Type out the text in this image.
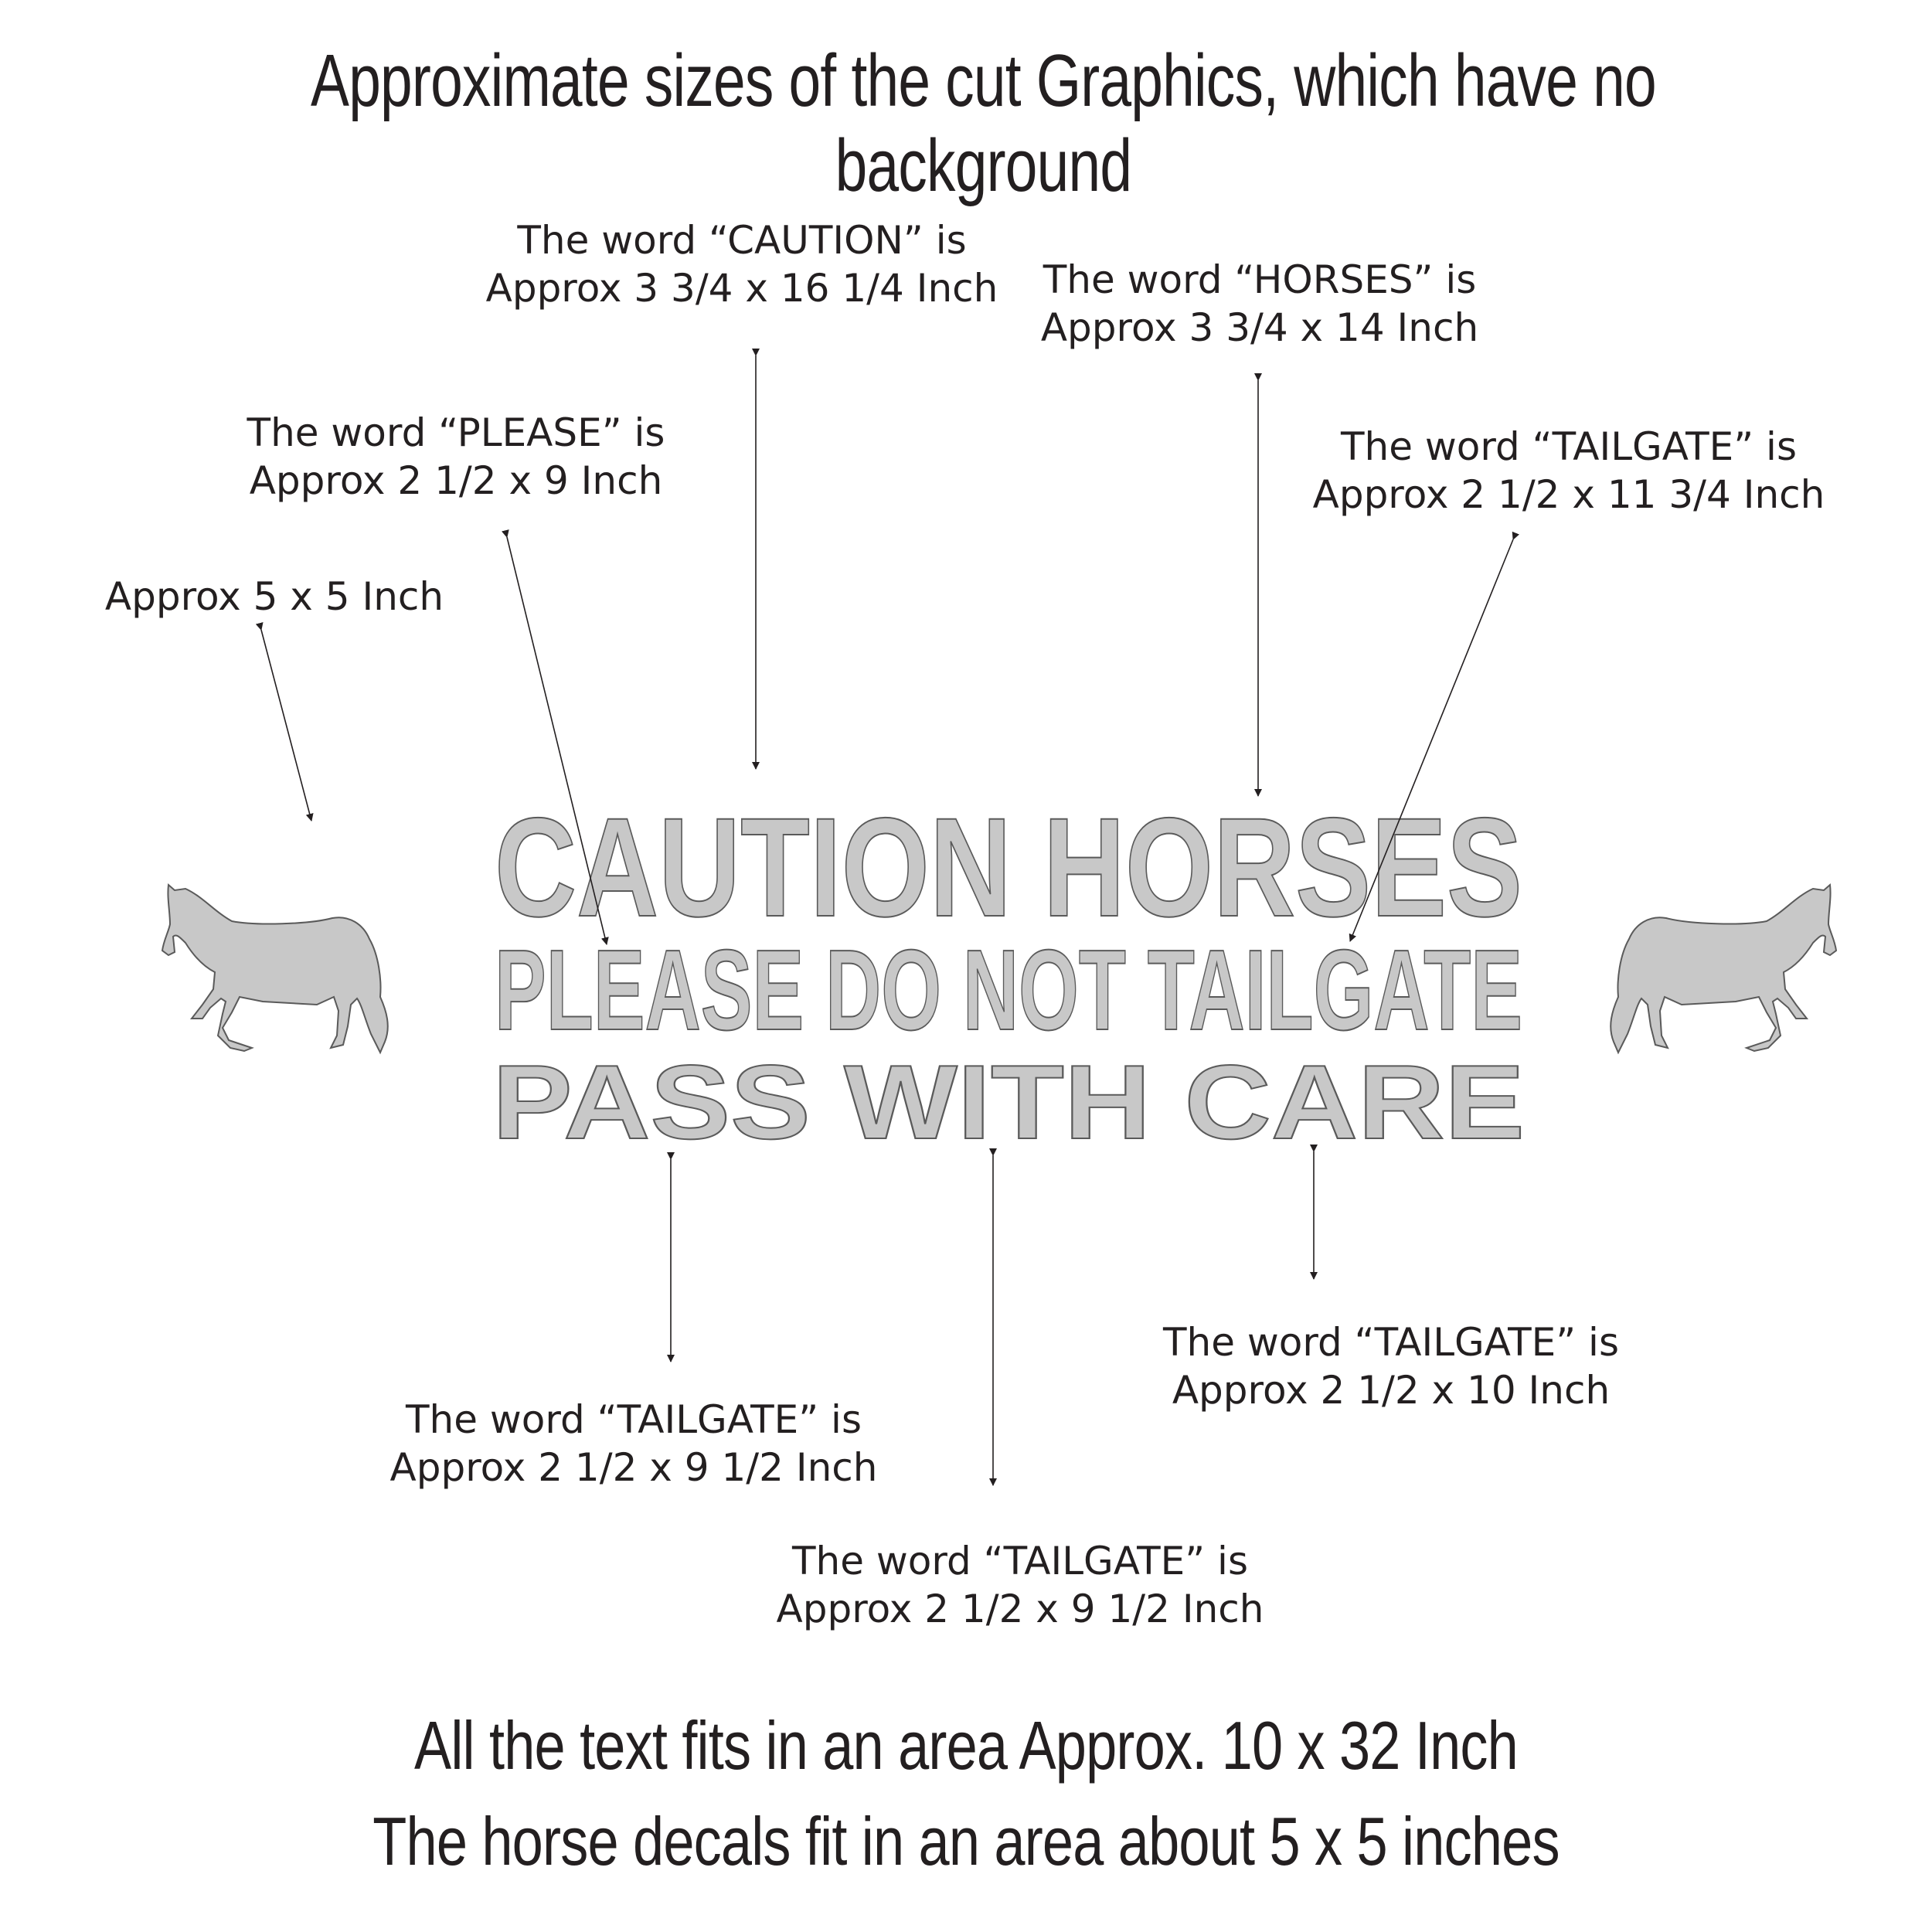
Approximate sizes of the cut Graphics, which have no background
The word “CAUTION” is
Approx 3 3/4 x 16 1/4 Inch	The word “HORSES” is
Approx 3 3/4 x 14 Inch
The word “PLEASE” is
Approx 2 1/2 x 9 Inch
The word “TAILGATE” is
Approx 2 1/2 x 11 3/4 Inch
Approx 5 x 5 Inch
The word “TAILGATE” is
Approx 2 1/2 x 9 1/2 Inch
The word “TAILGATE” is
Approx 2 1/2 x 10 Inch
The word “TAILGATE” is
Approx 2 1/2 x 9 1/2 Inch
CAUTION HORSES
PLEASE DO NOT TAILGATE
PASS WITH CARE
All the text fits in an area Approx. 10 x 32 Inch
The horse decals fit in an area about 5 x 5 inches
